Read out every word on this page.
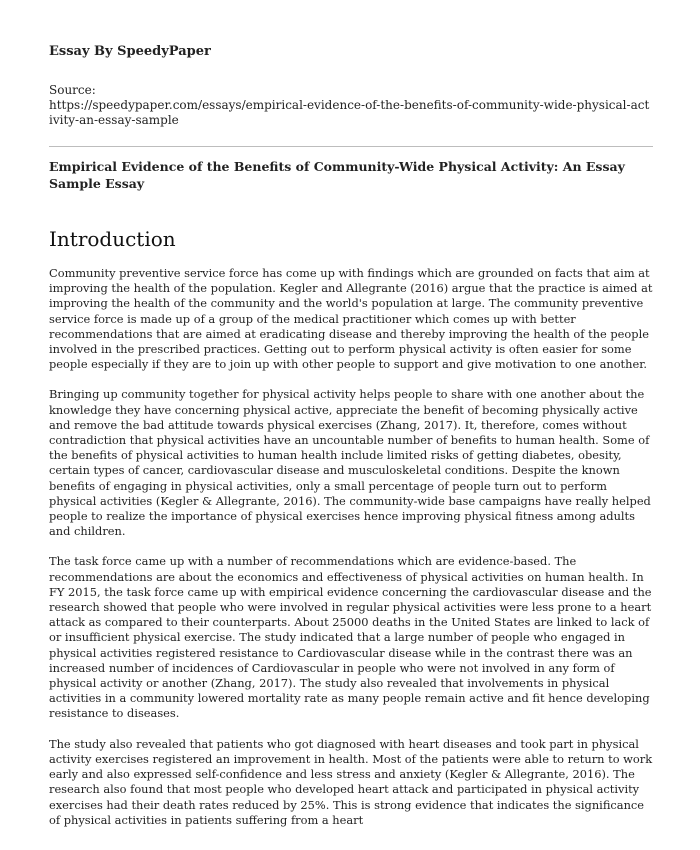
Essay By SpeedyPaper
Source:
https://speedypaper.com/essays/empirical-evidence-of-the-benefits-of-community-wide-physical-activity-an-essay-sample
Empirical Evidence of the Benefits of Community-Wide Physical Activity: An Essay Sample Essay
Introduction

Community preventive service force has come up with findings which are grounded on facts that aim at improving the health of the population. Kegler and Allegrante (2016) argue that the practice is aimed at improving the health of the community and the world's population at large. The community preventive service force is made up of a group of the medical practitioner which comes up with better recommendations that are aimed at eradicating disease and thereby improving the health of the people involved in the prescribed practices. Getting out to perform physical activity is often easier for some people especially if they are to join up with other people to support and give motivation to one another.

Bringing up community together for physical activity helps people to share with one another about the knowledge they have concerning physical active, appreciate the benefit of becoming physically active and remove the bad attitude towards physical exercises (Zhang, 2017). It, therefore, comes without contradiction that physical activities have an uncountable number of benefits to human health. Some of the benefits of physical activities to human health include limited risks of getting diabetes, obesity, certain types of cancer, cardiovascular disease and musculoskeletal conditions. Despite the known benefits of engaging in physical activities, only a small percentage of people turn out to perform physical activities (Kegler & Allegrante, 2016). The community-wide base campaigns have really helped people to realize the importance of physical exercises hence improving physical fitness among adults and children.

The task force came up with a number of recommendations which are evidence-based. The recommendations are about the economics and effectiveness of physical activities on human health. In FY 2015, the task force came up with empirical evidence concerning the cardiovascular disease and the research showed that people who were involved in regular physical activities were less prone to a heart attack as compared to their counterparts. About 25000 deaths in the United States are linked to lack of or insufficient physical exercise. The study indicated that a large number of people who engaged in physical activities registered resistance to Cardiovascular disease while in the contrast there was an increased number of incidences of Cardiovascular in people who were not involved in any form of physical activity or another (Zhang, 2017). The study also revealed that involvements in physical activities in a community lowered mortality rate as many people remain active and fit hence developing resistance to diseases.

The study also revealed that patients who got diagnosed with heart diseases and took part in physical activity exercises registered an improvement in health. Most of the patients were able to return to work early and also expressed self-confidence and less stress and anxiety (Kegler & Allegrante, 2016). The research also found that most people who developed heart attack and participated in physical activity exercises had their death rates reduced by 25%. This is strong evidence that indicates the significance of physical activities in patients suffering from a heart
